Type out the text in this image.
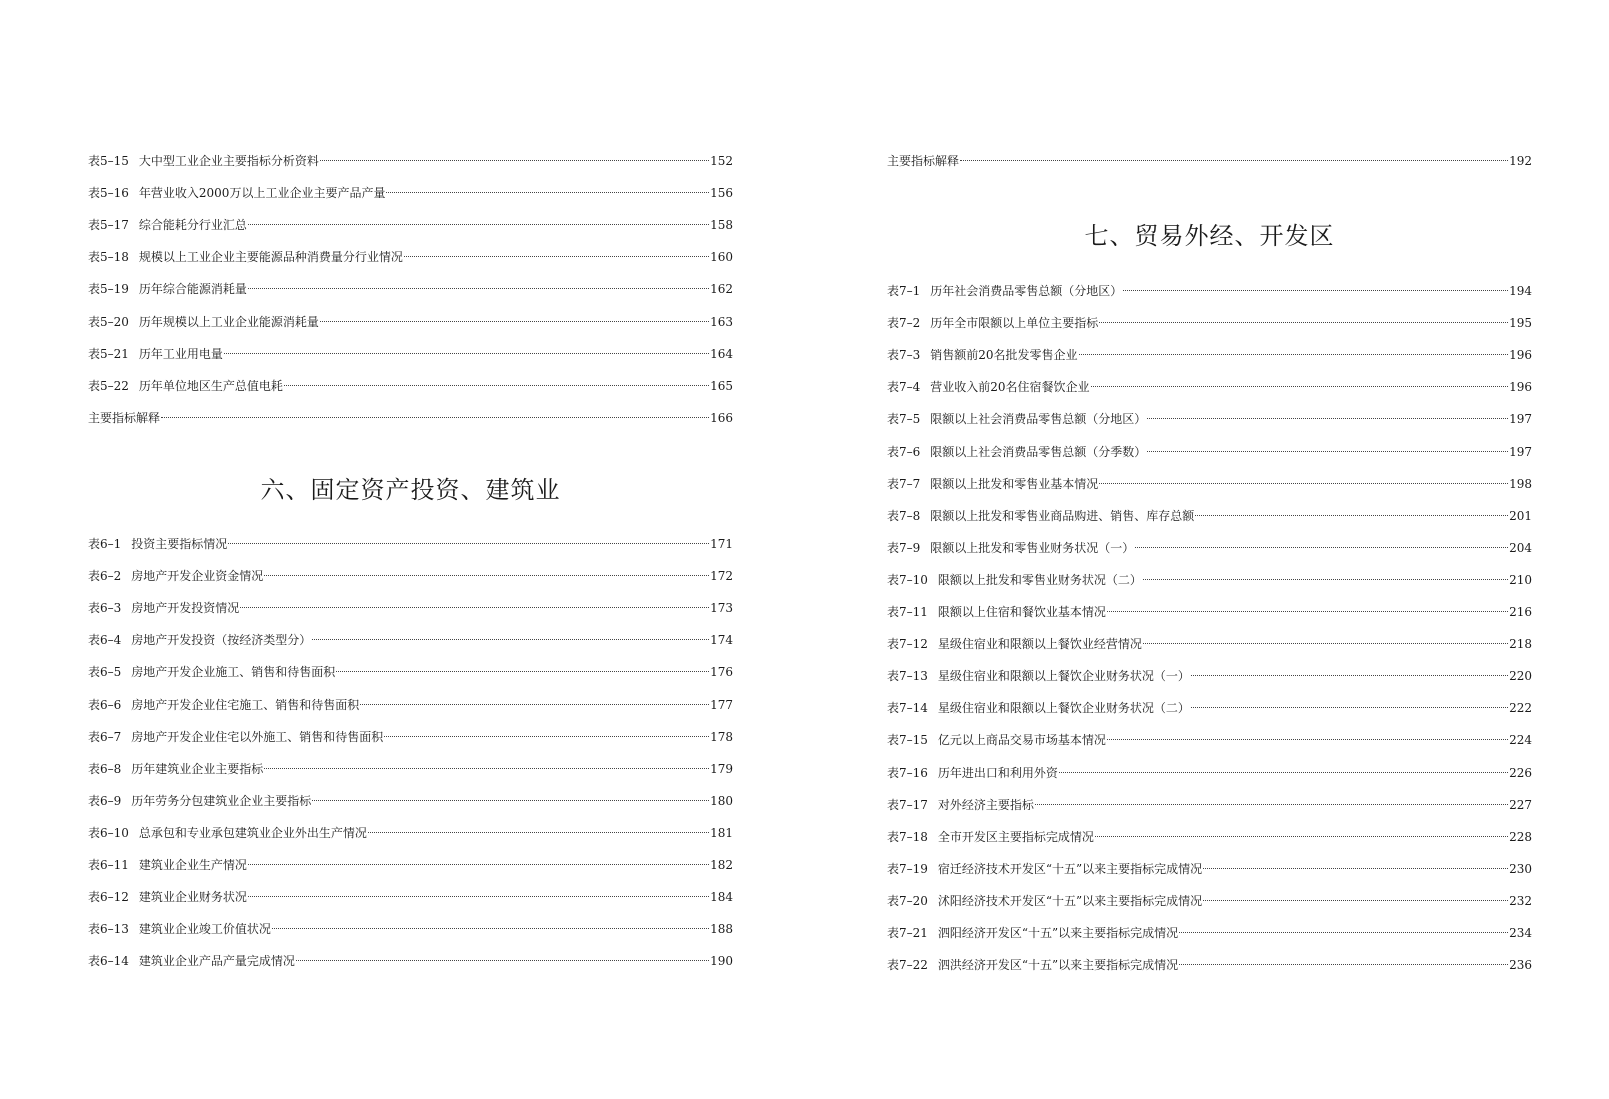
表5–15 大中型工业企业主要指标分析资料	152
表5–16 年营业收入2000万以上工业企业主要产品产量	156
表5–17 综合能耗分行业汇总	158
表5–18 规模以上工业企业主要能源品种消费量分行业情况	160
表5–19 历年综合能源消耗量	162
表5–20 历年规模以上工业企业能源消耗量	163
表5–21 历年工业用电量	164
表5–22 历年单位地区生产总值电耗	165
主要指标解释	166
六、固定资产投资、建筑业
表6–1 投资主要指标情况	171
表6–2 房地产开发企业资金情况	172
表6–3 房地产开发投资情况	173
表6–4 房地产开发投资（按经济类型分）	174
表6–5 房地产开发企业施工、销售和待售面积	176
表6–6 房地产开发企业住宅施工、销售和待售面积	177
表6–7 房地产开发企业住宅以外施工、销售和待售面积	178
表6–8 历年建筑业企业主要指标	179
表6–9 历年劳务分包建筑业企业主要指标	180
表6–10 总承包和专业承包建筑业企业外出生产情况	181
表6–11 建筑业企业生产情况	182
表6–12 建筑业企业财务状况	184
表6–13 建筑业企业竣工价值状况	188
表6–14 建筑业企业产品产量完成情况	190
主要指标解释	192
七、贸易外经、开发区
表7–1 历年社会消费品零售总额（分地区）	194
表7–2 历年全市限额以上单位主要指标	195
表7–3 销售额前20名批发零售企业	196
表7–4 营业收入前20名住宿餐饮企业	196
表7–5 限额以上社会消费品零售总额（分地区）	197
表7–6 限额以上社会消费品零售总额（分季数）	197
表7–7 限额以上批发和零售业基本情况	198
表7–8 限额以上批发和零售业商品购进、销售、库存总额	201
表7–9 限额以上批发和零售业财务状况（一）	204
表7–10 限额以上批发和零售业财务状况（二）	210
表7–11 限额以上住宿和餐饮业基本情况	216
表7–12 星级住宿业和限额以上餐饮业经营情况	218
表7–13 星级住宿业和限额以上餐饮企业财务状况（一）	220
表7–14 星级住宿业和限额以上餐饮企业财务状况（二）	222
表7–15 亿元以上商品交易市场基本情况	224
表7–16 历年进出口和利用外资	226
表7–17 对外经济主要指标	227
表7–18 全市开发区主要指标完成情况	228
表7–19 宿迁经济技术开发区“十五”以来主要指标完成情况	230
表7–20 沭阳经济技术开发区“十五”以来主要指标完成情况	232
表7–21 泗阳经济开发区“十五”以来主要指标完成情况	234
表7–22 泗洪经济开发区“十五”以来主要指标完成情况	236
